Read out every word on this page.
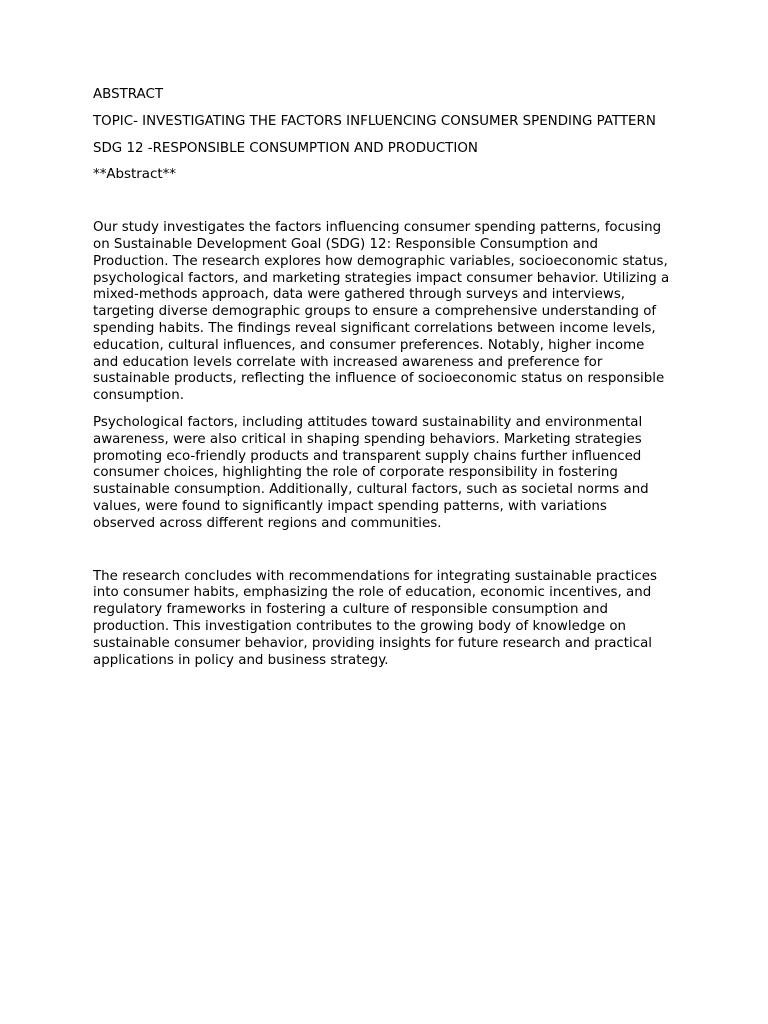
ABSTRACT

TOPIC- INVESTIGATING THE FACTORS INFLUENCING CONSUMER SPENDING PATTERN

SDG 12 -RESPONSIBLE CONSUMPTION AND PRODUCTION

**Abstract**

Our study investigates the factors influencing consumer spending patterns, focusing on Sustainable Development Goal (SDG) 12: Responsible Consumption and Production. The research explores how demographic variables, socioeconomic status, psychological factors, and marketing strategies impact consumer behavior. Utilizing a mixed-methods approach, data were gathered through surveys and interviews, targeting diverse demographic groups to ensure a comprehensive understanding of spending habits. The findings reveal significant correlations between income levels, education, cultural influences, and consumer preferences. Notably, higher income and education levels correlate with increased awareness and preference for sustainable products, reflecting the influence of socioeconomic status on responsible consumption.

Psychological factors, including attitudes toward sustainability and environmental awareness, were also critical in shaping spending behaviors. Marketing strategies promoting eco-friendly products and transparent supply chains further influenced consumer choices, highlighting the role of corporate responsibility in fostering sustainable consumption. Additionally, cultural factors, such as societal norms and values, were found to significantly impact spending patterns, with variations observed across different regions and communities.

The research concludes with recommendations for integrating sustainable practices into consumer habits, emphasizing the role of education, economic incentives, and regulatory frameworks in fostering a culture of responsible consumption and production. This investigation contributes to the growing body of knowledge on sustainable consumer behavior, providing insights for future research and practical applications in policy and business strategy.
